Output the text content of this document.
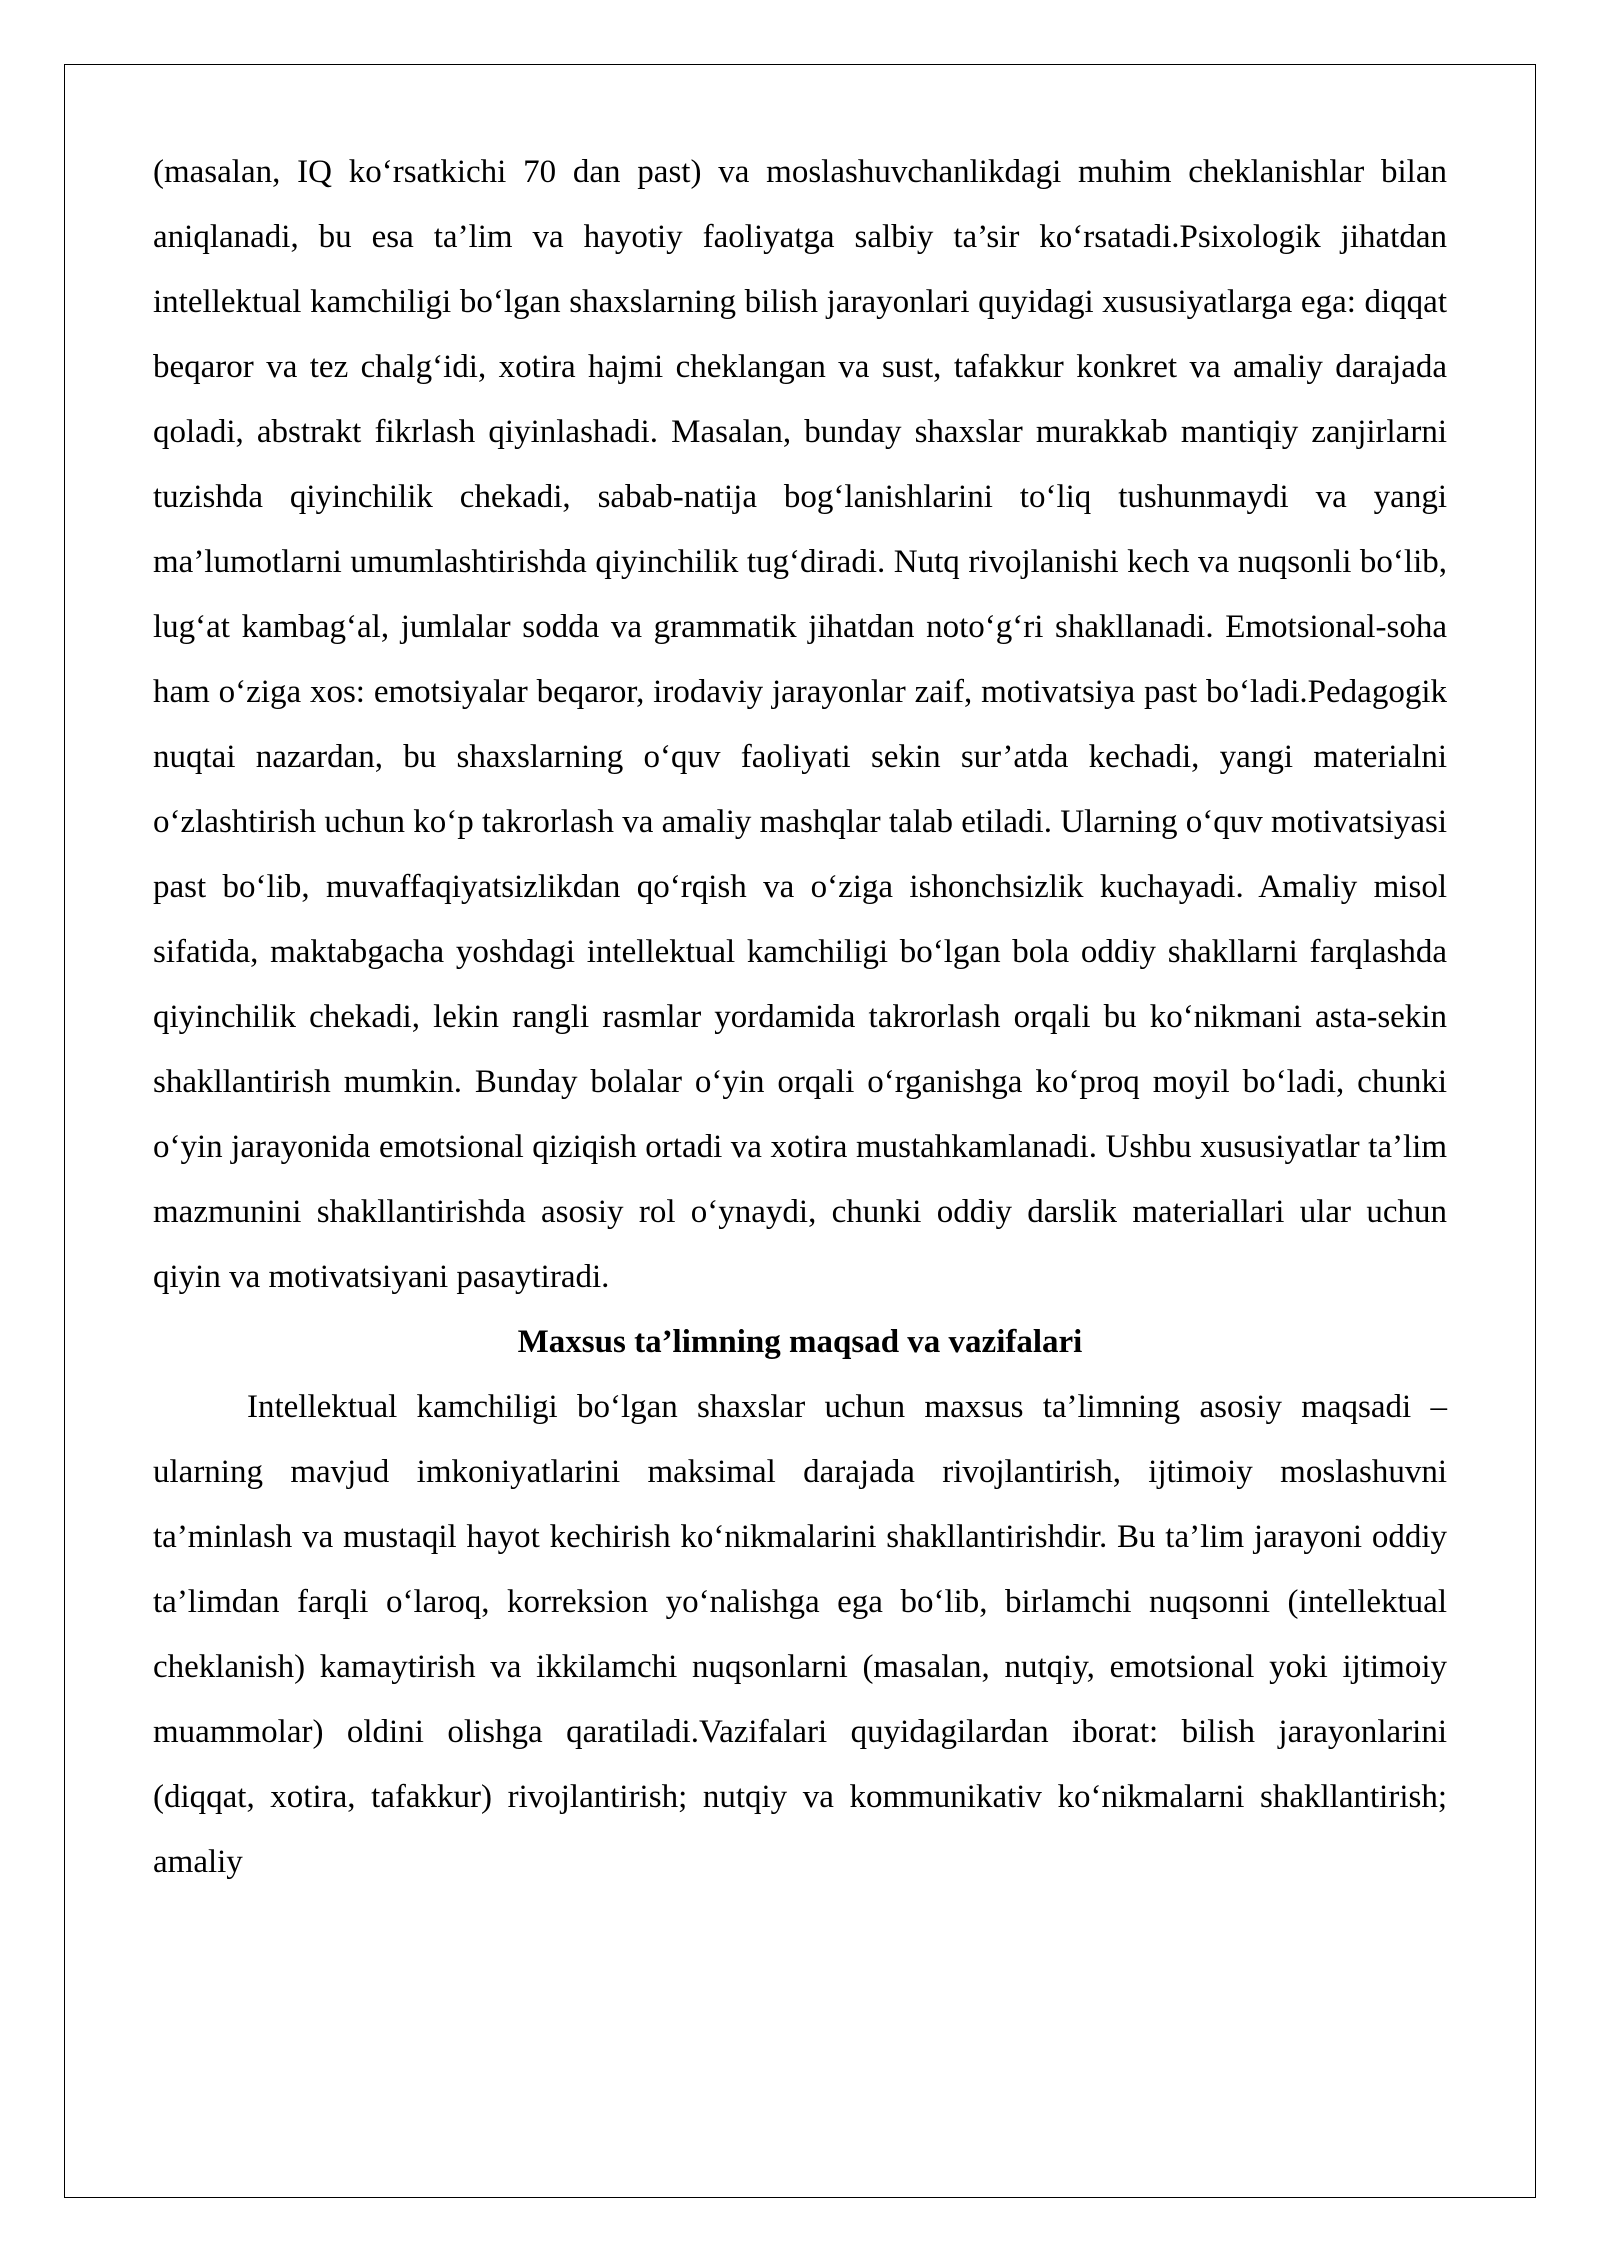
(masalan, IQ ko‘rsatkichi 70 dan past) va moslashuvchanlikdagi muhim cheklanishlar bilan aniqlanadi, bu esa ta’lim va hayotiy faoliyatga salbiy ta’sir ko‘rsatadi.Psixologik jihatdan intellektual kamchiligi bo‘lgan shaxslarning bilish jarayonlari quyidagi xususiyatlarga ega: diqqat beqaror va tez chalg‘idi, xotira hajmi cheklangan va sust, tafakkur konkret va amaliy darajada qoladi, abstrakt fikrlash qiyinlashadi. Masalan, bunday shaxslar murakkab mantiqiy zanjirlarni tuzishda qiyinchilik chekadi, sabab-natija bog‘lanishlarini to‘liq tushunmaydi va yangi ma’lumotlarni umumlashtirishda qiyinchilik tug‘diradi. Nutq rivojlanishi kech va nuqsonli bo‘lib, lug‘at kambag‘al, jumlalar sodda va grammatik jihatdan noto‘g‘ri shakllanadi. Emotsional-soha ham o‘ziga xos: emotsiyalar beqaror, irodaviy jarayonlar zaif, motivatsiya past bo‘ladi.Pedagogik nuqtai nazardan, bu shaxslarning o‘quv faoliyati sekin sur’atda kechadi, yangi materialni o‘zlashtirish uchun ko‘p takrorlash va amaliy mashqlar talab etiladi. Ularning o‘quv motivatsiyasi past bo‘lib, muvaffaqiyatsizlikdan qo‘rqish va o‘ziga ishonchsizlik kuchayadi. Amaliy misol sifatida, maktabgacha yoshdagi intellektual kamchiligi bo‘lgan bola oddiy shakllarni farqlashda qiyinchilik chekadi, lekin rangli rasmlar yordamida takrorlash orqali bu ko‘nikmani asta-sekin shakllantirish mumkin. Bunday bolalar o‘yin orqali o‘rganishga ko‘proq moyil bo‘ladi, chunki o‘yin jarayonida emotsional qiziqish ortadi va xotira mustahkamlanadi. Ushbu xususiyatlar ta’lim mazmunini shakllantirishda asosiy rol o‘ynaydi, chunki oddiy darslik materiallari ular uchun qiyin va motivatsiyani pasaytiradi.

Maxsus ta’limning maqsad va vazifalari

Intellektual kamchiligi bo‘lgan shaxslar uchun maxsus ta’limning asosiy maqsadi – ularning mavjud imkoniyatlarini maksimal darajada rivojlantirish, ijtimoiy moslashuvni ta’minlash va mustaqil hayot kechirish ko‘nikmalarini shakllantirishdir. Bu ta’lim jarayoni oddiy ta’limdan farqli o‘laroq, korreksion yo‘nalishga ega bo‘lib, birlamchi nuqsonni (intellektual cheklanish) kamaytirish va ikkilamchi nuqsonlarni (masalan, nutqiy, emotsional yoki ijtimoiy muammolar) oldini olishga qaratiladi.Vazifalari quyidagilardan iborat: bilish jarayonlarini (diqqat, xotira, tafakkur) rivojlantirish; nutqiy va kommunikativ ko‘nikmalarni shakllantirish; amaliy
